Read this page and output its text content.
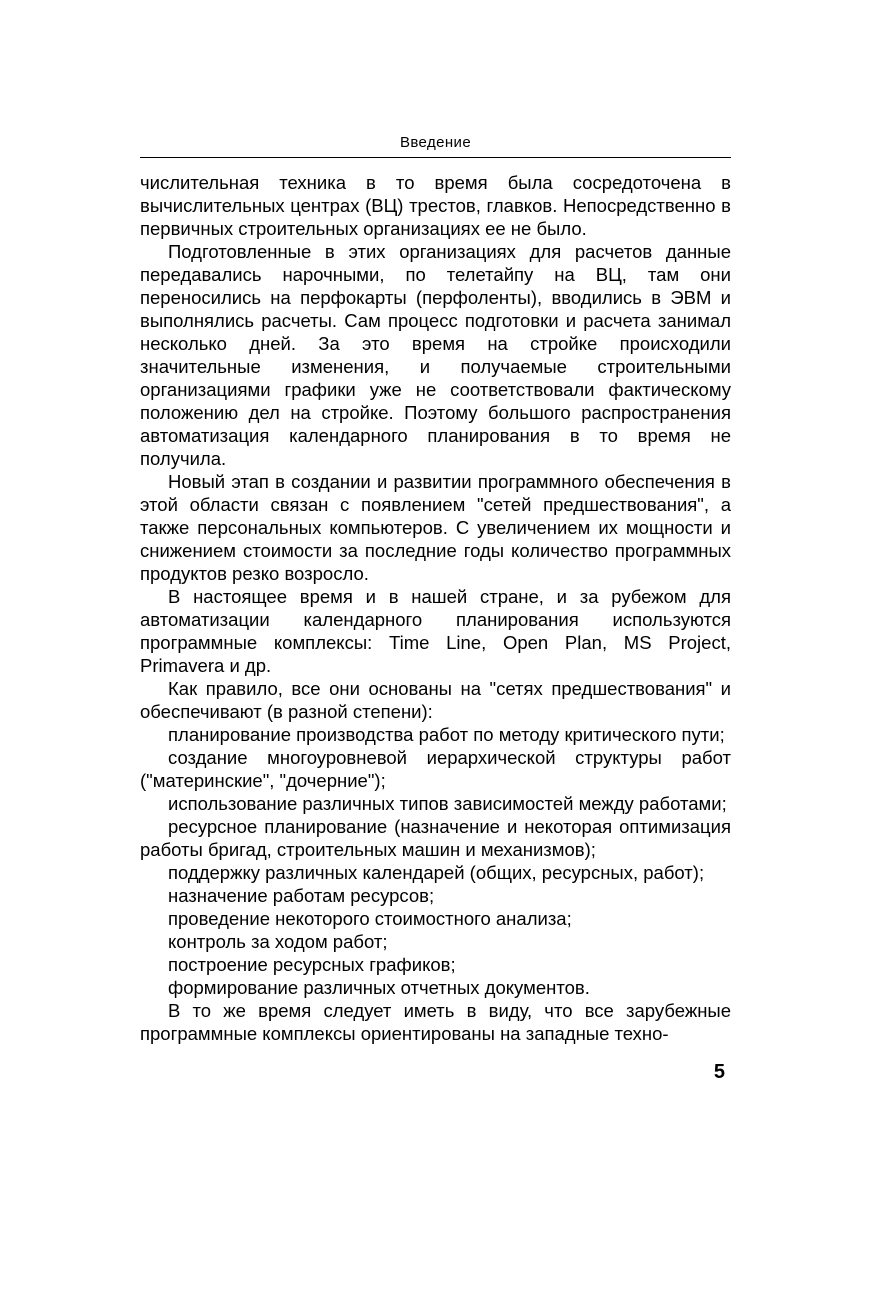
Введение

числительная техника в то время была сосредоточена в вычислительных центрах (ВЦ) трестов, главков. Непосредственно в первичных строительных организациях ее не было.

Подготовленные в этих организациях для расчетов данные передавались нарочными, по телетайпу на ВЦ, там они переносились на перфокарты (перфоленты), вводились в ЭВМ и выполнялись расчеты. Сам процесс подготовки и расчета занимал несколько дней. За это время на стройке происходили значительные изменения, и получаемые строительными организациями графики уже не соответствовали фактическому положению дел на стройке. Поэтому большого распространения автоматизация календарного планирования в то время не получила.

Новый этап в создании и развитии программного обеспечения в этой области связан с появлением "сетей предшествования", а также персональных компьютеров. С увеличением их мощности и снижением стоимости за последние годы количество программных продуктов резко возросло.

В настоящее время и в нашей стране, и за рубежом для автоматизации календарного планирования используются программные комплексы: Time Line, Open Plan, MS Project, Primavera и др.

Как правило, все они основаны на "сетях предшествования" и обеспечивают (в разной степени):

планирование производства работ по методу критического пути;

создание многоуровневой иерархической структуры работ ("материнские", "дочерние");

использование различных типов зависимостей между работами;

ресурсное планирование (назначение и некоторая оптимизация работы бригад, строительных машин и механизмов);

поддержку различных календарей (общих, ресурсных, работ);

назначение работам ресурсов;

проведение некоторого стоимостного анализа;

контроль за ходом работ;

построение ресурсных графиков;

формирование различных отчетных документов.

В то же время следует иметь в виду, что все зарубежные программные комплексы ориентированы на западные техно-

5
